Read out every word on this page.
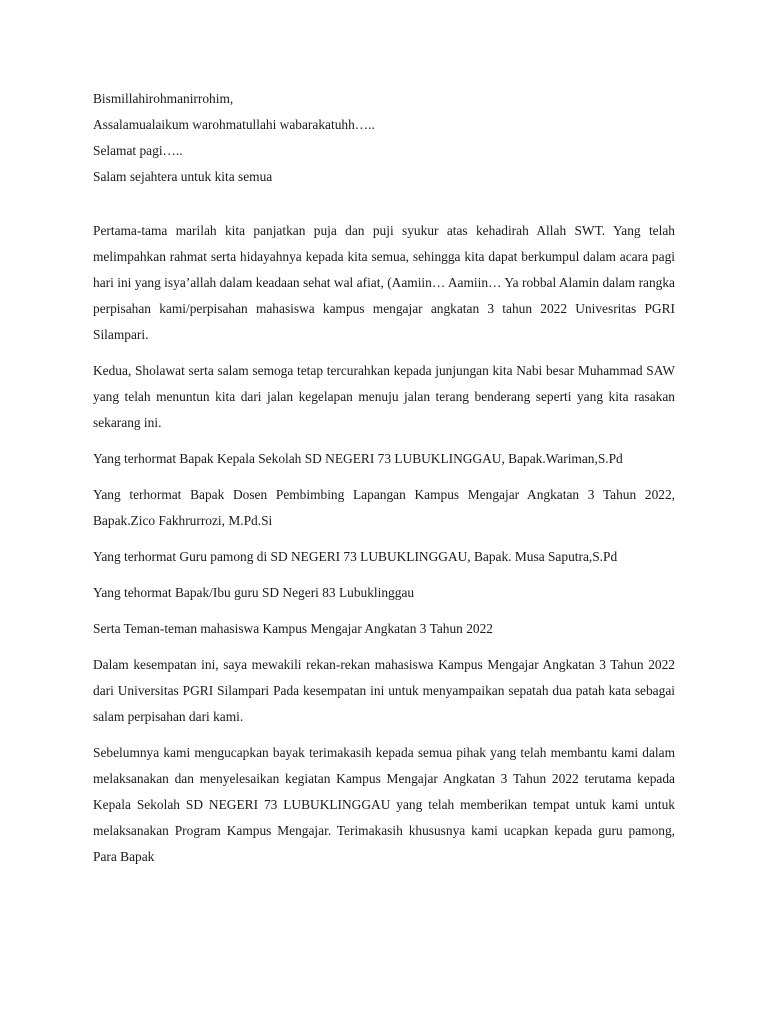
Bismillahirohmanirrohim,

Assalamualaikum warohmatullahi wabarakatuhh…..

Selamat pagi…..

Salam sejahtera untuk kita semua

Pertama-tama marilah kita panjatkan puja dan puji syukur atas kehadirah Allah SWT. Yang telah melimpahkan rahmat serta hidayahnya kepada kita semua, sehingga kita dapat berkumpul dalam acara pagi hari ini yang isya’allah dalam keadaan sehat wal afiat, (Aamiin… Aamiin… Ya robbal Alamin dalam rangka perpisahan kami/perpisahan mahasiswa kampus mengajar angkatan 3 tahun 2022 Univesritas PGRI Silampari.

Kedua, Sholawat serta salam semoga tetap tercurahkan kepada junjungan kita Nabi besar Muhammad SAW yang telah menuntun kita dari jalan kegelapan menuju jalan terang benderang seperti yang kita rasakan sekarang ini.

Yang terhormat Bapak Kepala Sekolah SD NEGERI 73 LUBUKLINGGAU, Bapak.Wariman,S.Pd

Yang terhormat Bapak Dosen Pembimbing Lapangan Kampus Mengajar Angkatan 3 Tahun 2022, Bapak.Zico Fakhrurrozi, M.Pd.Si

Yang terhormat Guru pamong di SD NEGERI 73 LUBUKLINGGAU, Bapak. Musa Saputra,S.Pd

Yang tehormat Bapak/Ibu guru SD Negeri 83 Lubuklinggau

Serta Teman-teman mahasiswa Kampus Mengajar Angkatan 3 Tahun 2022

Dalam kesempatan ini, saya mewakili rekan-rekan mahasiswa Kampus Mengajar Angkatan 3 Tahun 2022 dari Universitas PGRI Silampari Pada kesempatan ini untuk menyampaikan sepatah dua patah kata sebagai salam perpisahan dari kami.

Sebelumnya kami mengucapkan bayak terimakasih kepada semua pihak yang telah membantu kami dalam melaksanakan dan menyelesaikan kegiatan Kampus Mengajar Angkatan 3 Tahun 2022 terutama kepada Kepala Sekolah SD NEGERI 73 LUBUKLINGGAU yang telah memberikan tempat untuk kami untuk melaksanakan Program Kampus Mengajar. Terimakasih khususnya kami ucapkan kepada guru pamong, Para Bapak
